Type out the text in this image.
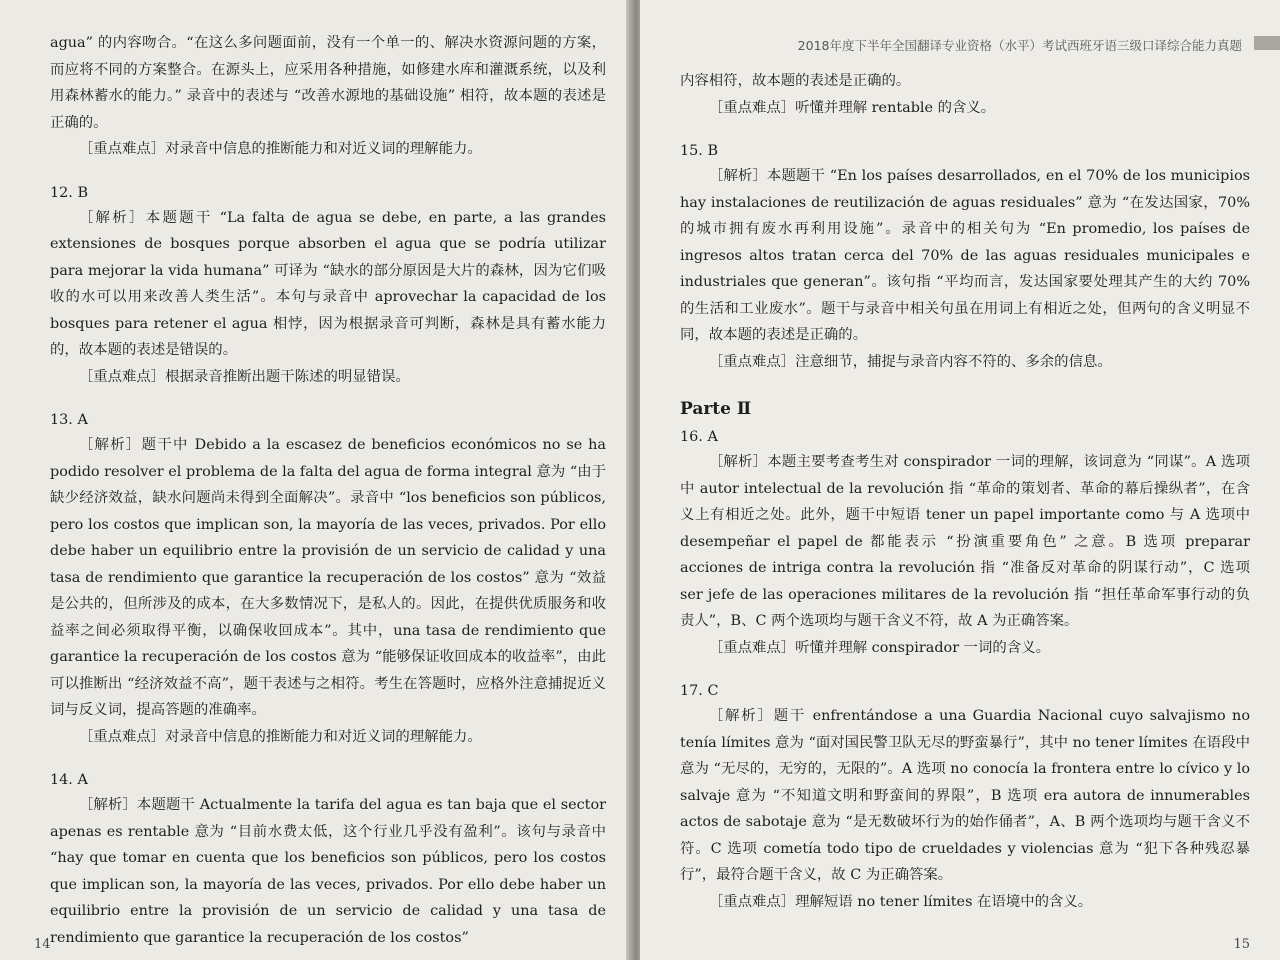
agua” 的内容吻合。“在这么多问题面前，没有一个单一的、解决水资源问题的方案，而应将不同的方案整合。在源头上，应采用各种措施，如修建水库和灌溉系统，以及利用森林蓄水的能力。” 录音中的表述与 “改善水源地的基础设施” 相符，故本题的表述是正确的。

［重点难点］对录音中信息的推断能力和对近义词的理解能力。

12. B

［解析］本题题干 “La falta de agua se debe, en parte, a las grandes extensiones de bosques porque absorben el agua que se podría utilizar para mejorar la vida humana” 可译为 “缺水的部分原因是大片的森林，因为它们吸收的水可以用来改善人类生活”。本句与录音中 aprovechar la capacidad de los bosques para retener el agua 相悖，因为根据录音可判断，森林是具有蓄水能力的，故本题的表述是错误的。

［重点难点］根据录音推断出题干陈述的明显错误。

13. A

［解析］题干中 Debido a la escasez de beneficios económicos no se ha podido resolver el problema de la falta del agua de forma integral 意为 “由于缺少经济效益，缺水问题尚未得到全面解决”。录音中 “los beneficios son públicos, pero los costos que implican son, la mayoría de las veces, privados. Por ello debe haber un equilibrio entre la provisión de un servicio de calidad y una tasa de rendimiento que garantice la recuperación de los costos” 意为 “效益是公共的，但所涉及的成本，在大多数情况下，是私人的。因此，在提供优质服务和收益率之间必须取得平衡，以确保收回成本”。其中，una tasa de rendimiento que garantice la recuperación de los costos 意为 “能够保证收回成本的收益率”，由此可以推断出 “经济效益不高”，题干表述与之相符。考生在答题时，应格外注意捕捉近义词与反义词，提高答题的准确率。

［重点难点］对录音中信息的推断能力和对近义词的理解能力。

14. A

［解析］本题题干 Actualmente la tarifa del agua es tan baja que el sector apenas es rentable 意为 “目前水费太低，这个行业几乎没有盈利”。该句与录音中 “hay que tomar en cuenta que los beneficios son públicos, pero los costos que implican son, la mayoría de las veces, privados. Por ello debe haber un equilibrio entre la provisión de un servicio de calidad y una tasa de rendimiento que garantice la recuperación de los costos”

14
2018年度下半年全国翻译专业资格（水平）考试西班牙语三级口译综合能力真题

内容相符，故本题的表述是正确的。

［重点难点］听懂并理解 rentable 的含义。

15. B

［解析］本题题干 “En los países desarrollados, en el 70% de los municipios hay instalaciones de reutilización de aguas residuales” 意为 “在发达国家，70% 的城市拥有废水再利用设施”。录音中的相关句为 “En promedio, los países de ingresos altos tratan cerca del 70% de las aguas residuales municipales e industriales que generan”。该句指 “平均而言，发达国家要处理其产生的大约 70% 的生活和工业废水”。题干与录音中相关句虽在用词上有相近之处，但两句的含义明显不同，故本题的表述是正确的。

［重点难点］注意细节，捕捉与录音内容不符的、多余的信息。

Parte Ⅱ
16. A

［解析］本题主要考查考生对 conspirador 一词的理解，该词意为 “同谋”。A 选项中 autor intelectual de la revolución 指 “革命的策划者、革命的幕后操纵者”，在含义上有相近之处。此外，题干中短语 tener un papel importante como 与 A 选项中 desempeñar el papel de 都能表示 “扮演重要角色” 之意。B 选项 preparar acciones de intriga contra la revolución 指 “准备反对革命的阴谋行动”，C 选项 ser jefe de las operaciones militares de la revolución 指 “担任革命军事行动的负责人”，B、C 两个选项均与题干含义不符，故 A 为正确答案。

［重点难点］听懂并理解 conspirador 一词的含义。

17. C

［解析］题干 enfrentándose a una Guardia Nacional cuyo salvajismo no tenía límites 意为 “面对国民警卫队无尽的野蛮暴行”，其中 no tener límites 在语段中意为 “无尽的，无穷的，无限的”。A 选项 no conocía la frontera entre lo cívico y lo salvaje 意为 “不知道文明和野蛮间的界限”，B 选项 era autora de innumerables actos de sabotaje 意为 “是无数破坏行为的始作俑者”，A、B 两个选项均与题干含义不符。C 选项 cometía todo tipo de crueldades y violencias 意为 “犯下各种残忍暴行”，最符合题干含义，故 C 为正确答案。

［重点难点］理解短语 no tener límites 在语境中的含义。

15
